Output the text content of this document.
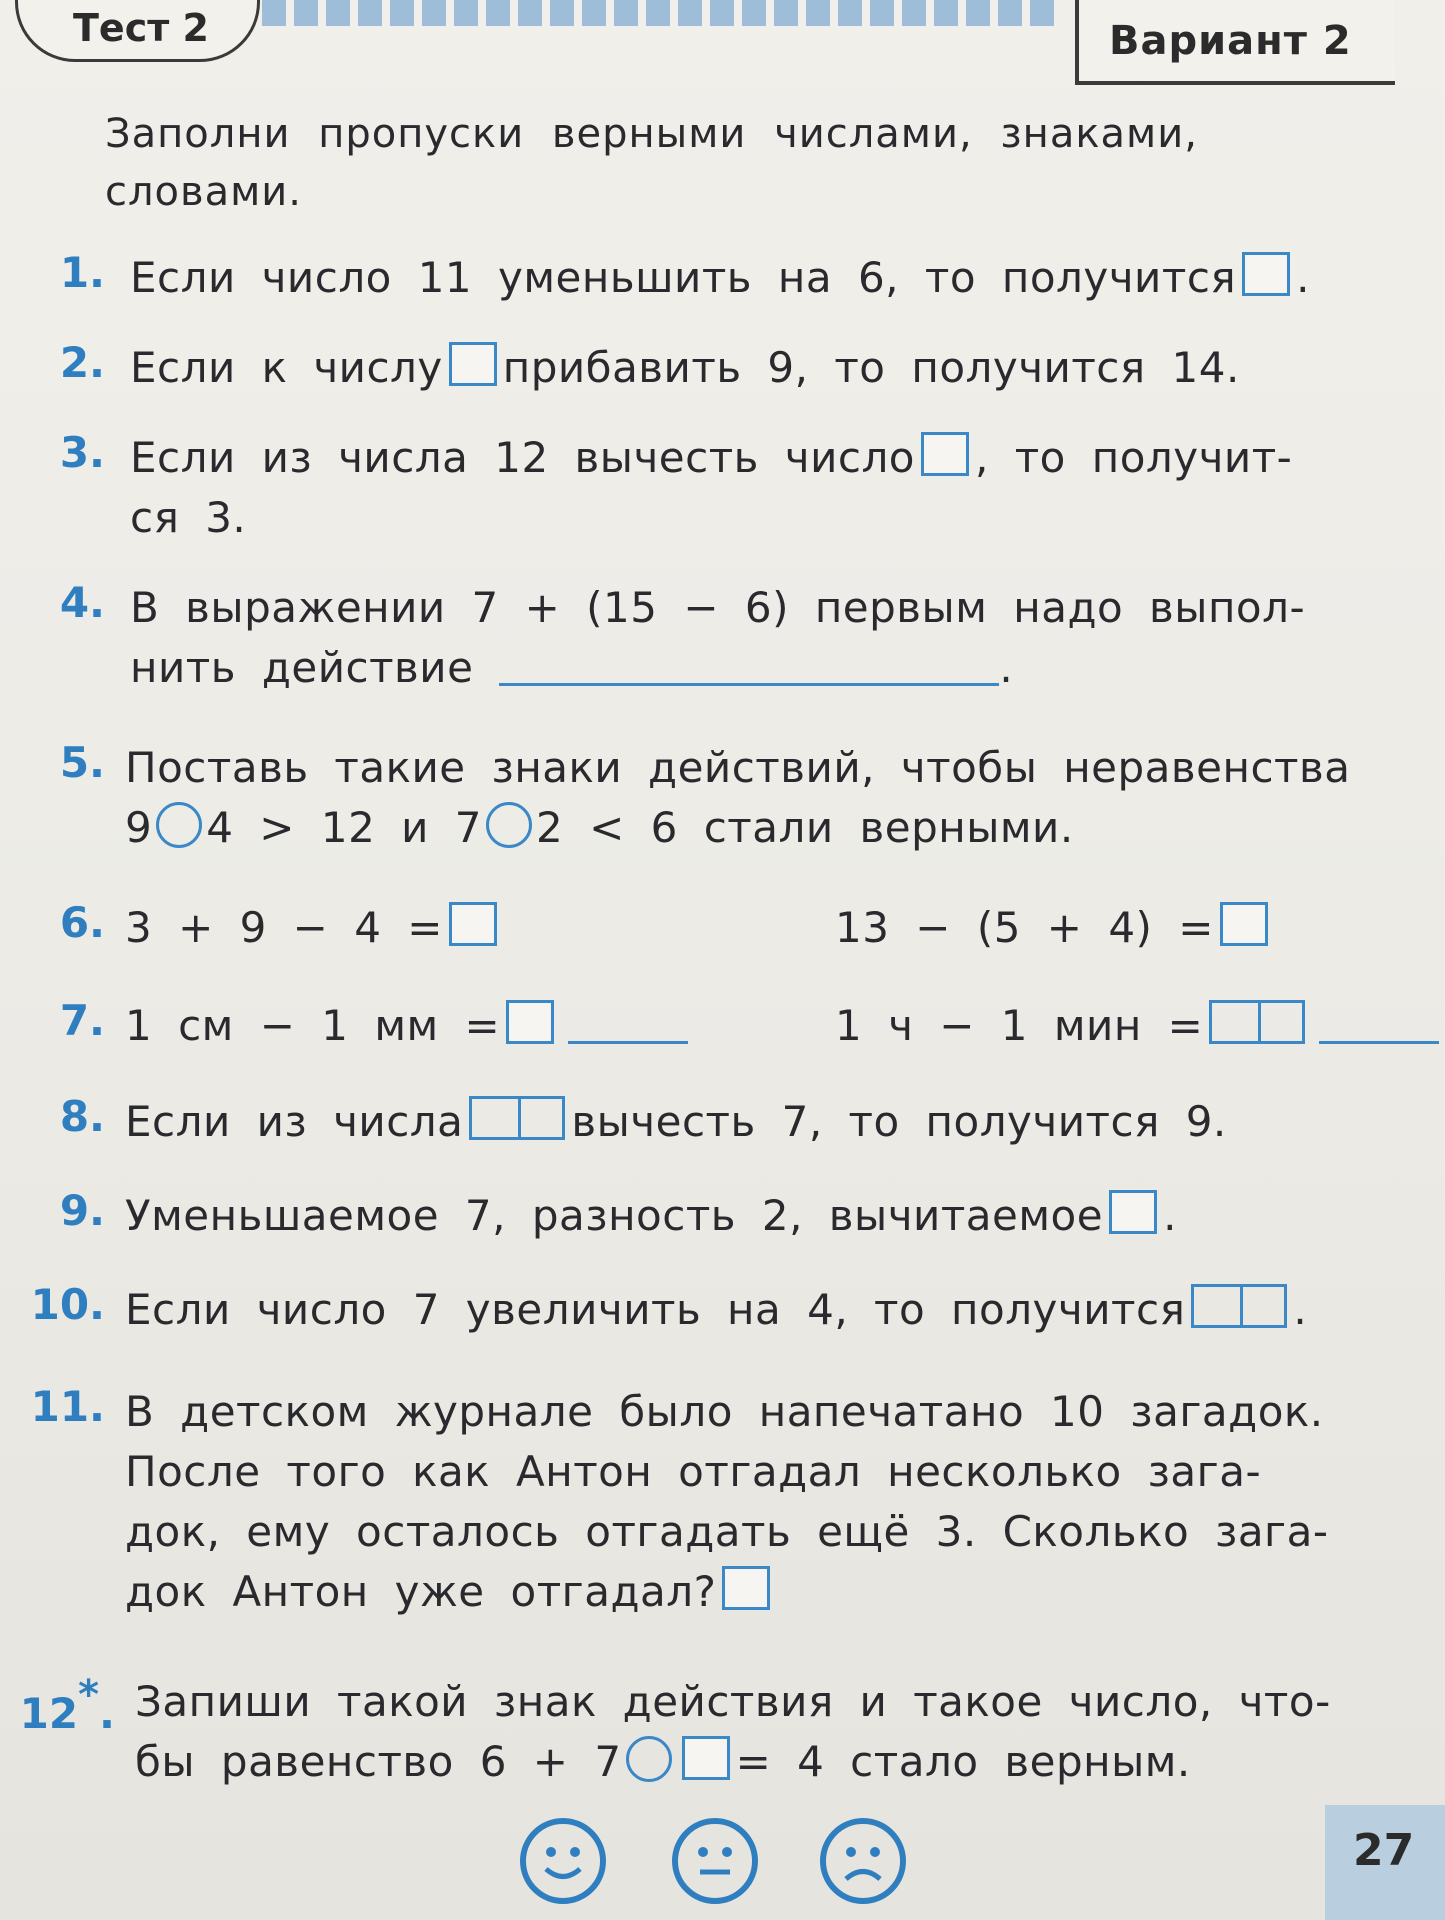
Тест 2	Вариант 2
Заполни пропуски верными числами, знаками,
словами.
1. Если число 11 уменьшить на 6, то получится .
2. Если к числу прибавить 9, то получится 14.
3. Если из числа 12 вычесть число , то получит-
ся 3.
4. В выражении 7 + (15 − 6) первым надо выпол-
нить действие	.
5. Поставь такие знаки действий, чтобы неравенства
9 4 > 12 и 7 2 < 6 стали верными.
6. 3 + 9 − 4 =	13 − (5 + 4) =
7. 1 см − 1 мм =	1 ч − 1 мин =
8. Если из числа	вычесть 7, то получится 9.
9. Уменьшаемое 7, разность 2, вычитаемое .
10. Если число 7 увеличить на 4, то получится	.
11. В детском журнале было напечатано 10 загадок.
После того как Антон отгадал несколько зага-
док, ему осталось отгадать ещё 3. Сколько зага-
док Антон уже отгадал?
12*. Запиши такой знак действия и такое число, что-
бы равенство 6 + 7	= 4 стало верным.
27
